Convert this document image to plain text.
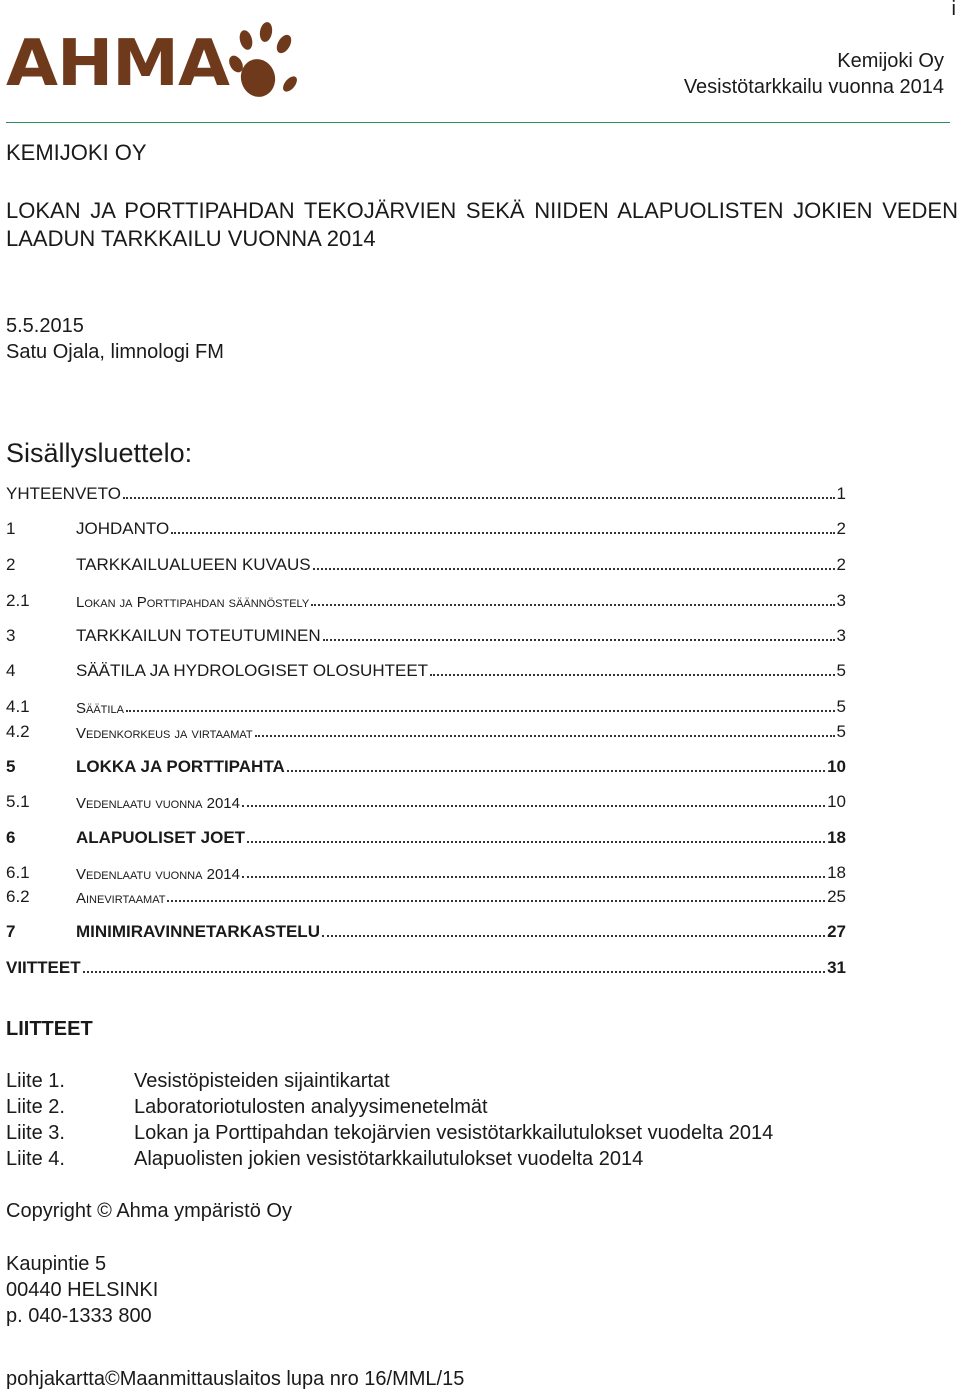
i
AHMA	Kemijoki Oy
Vesistötarkkailu vuonna 2014
KEMIJOKI OY
LOKAN JA PORTTIPAHDAN TEKOJÄRVIEN SEKÄ NIIDEN ALAPUOLISTEN JOKIEN VEDEN LAADUN TARKKAILU VUONNA 2014
5.5.2015
Satu Ojala, limnologi FM
Sisällysluettelo:
YHTEENVETO	1
1	JOHDANTO	2
2	TARKKAILUALUEEN KUVAUS	2
2.1	Lokan ja Porttipahdan säännöstely	3
3	TARKKAILUN TOTEUTUMINEN	3
4	SÄÄTILA JA HYDROLOGISET OLOSUHTEET	5
4.1	Säätila	5
4.2	Vedenkorkeus ja virtaamat	5
5	LOKKA JA PORTTIPAHTA	10
5.1	Vedenlaatu vuonna 2014	10
6	ALAPUOLISET JOET	18
6.1	Vedenlaatu vuonna 2014	18
6.2	Ainevirtaamat	25
7	MINIMIRAVINNETARKASTELU	27
VIITTEET	31
LIITTEET
Liite 1.	Vesistöpisteiden sijaintikartat
Liite 2.	Laboratoriotulosten analyysimenetelmät
Liite 3.	Lokan ja Porttipahdan tekojärvien vesistötarkkailutulokset vuodelta 2014
Liite 4.	Alapuolisten jokien vesistötarkkailutulokset vuodelta 2014
Copyright © Ahma ympäristö Oy
Kaupintie 5
00440 HELSINKI
p. 040-1333 800
pohjakartta©Maanmittauslaitos lupa nro 16/MML/15
